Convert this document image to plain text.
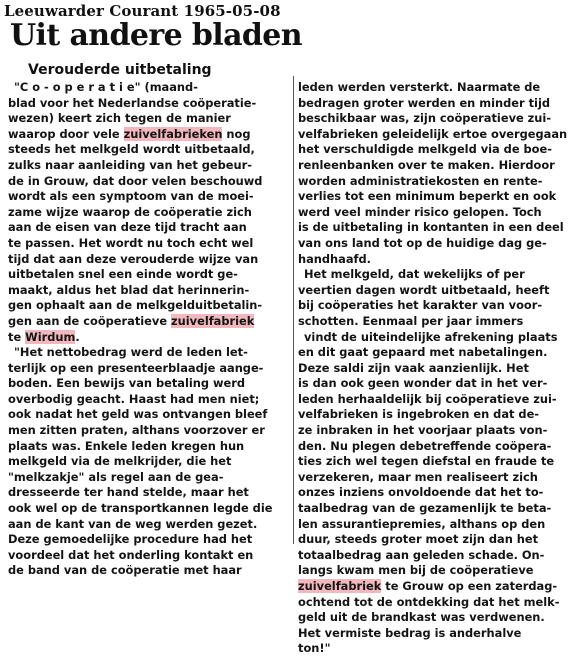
Leeuwarder Courant 1965-05-08
Uit andere bladen
Verouderde uitbetaling
"C o - o p e r a t i e" (maand-
blad voor het Nederlandse coöperatie-
wezen) keert zich tegen de manier
waarop door vele zuivelfabrieken nog
steeds het melkgeld wordt uitbetaald,
zulks naar aanleiding van het gebeur-
de in Grouw, dat door velen beschouwd
wordt als een symptoom van de moei-
zame wijze waarop de coöperatie zich
aan de eisen van deze tijd tracht aan
te passen. Het wordt nu toch echt wel
tijd dat aan deze verouderde wijze van
uitbetalen snel een einde wordt ge-
maakt, aldus het blad dat herinnerin-
gen ophaalt aan de melkgelduitbetalin-
gen aan de coöperatieve zuivelfabriek
te Wirdum.
"Het nettobedrag werd de leden let-
terlijk op een presenteerblaadje aange-
boden. Een bewijs van betaling werd
overbodig geacht. Haast had men niet;
ook nadat het geld was ontvangen bleef
men zitten praten, althans voorzover er
plaats was. Enkele leden kregen hun
melkgeld via de melkrijder, die het
"melkzakje" als regel aan de gea-
dresseerde ter hand stelde, maar het
ook wel op de transportkannen legde die
aan de kant van de weg werden gezet.
Deze gemoedelijke procedure had het
voordeel dat het onderling kontakt en
de band van de coöperatie met haar
leden werden versterkt. Naarmate de
bedragen groter werden en minder tijd
beschikbaar was, zijn coöperatieve zui-
velfabrieken geleidelijk ertoe overgegaan
het verschuldigde melkgeld via de boe-
renleenbanken over te maken. Hierdoor
worden administratiekosten en rente-
verlies tot een minimum beperkt en ook
werd veel minder risico gelopen. Toch
is de uitbetaling in kontanten in een deel
van ons land tot op de huidige dag ge-
handhaafd.
Het melkgeld, dat wekelijks of per
veertien dagen wordt uitbetaald, heeft
bij coöperaties het karakter van voor-
schotten. Eenmaal per jaar immers
vindt de uiteindelijke afrekening plaats
en dit gaat gepaard met nabetalingen.
Deze saldi zijn vaak aanzienlijk. Het
is dan ook geen wonder dat in het ver-
leden herhaaldelijk bij coöperatieve zui-
velfabrieken is ingebroken en dat de-
ze inbraken in het voorjaar plaats von-
den. Nu plegen debetreffende coöpera-
ties zich wel tegen diefstal en fraude te
verzekeren, maar men realiseert zich
onzes inziens onvoldoende dat het to-
taalbedrag van de gezamenlijk te beta-
len assurantiepremies, althans op den
duur, steeds groter moet zijn dan het
totaalbedrag aan geleden schade. On-
langs kwam men bij de coöperatieve
zuivelfabriek te Grouw op een zaterdag-
ochtend tot de ontdekking dat het melk-
geld uit de brandkast was verdwenen.
Het vermiste bedrag is anderhalve
ton!"
